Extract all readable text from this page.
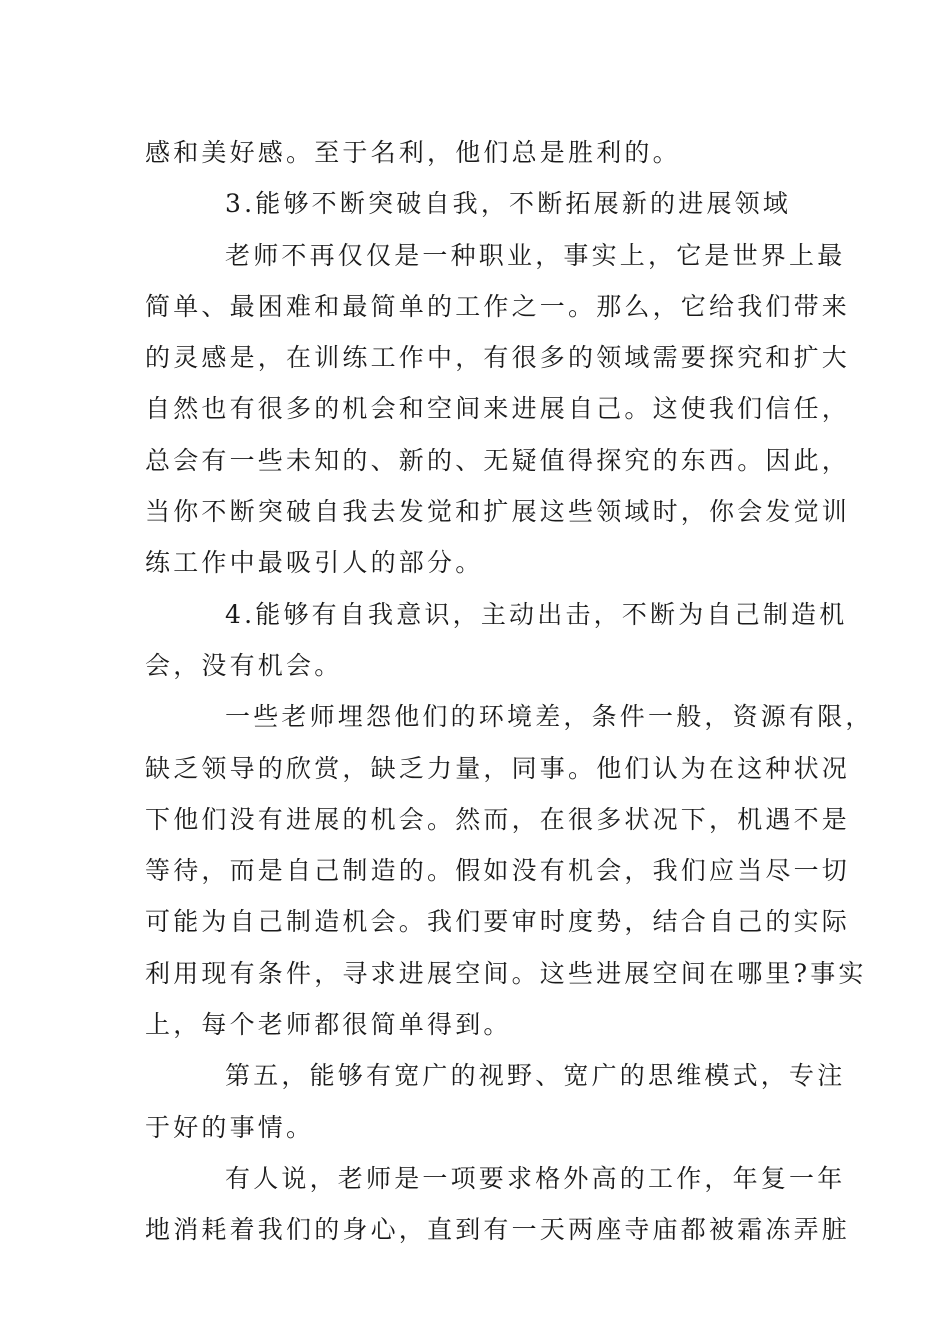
感和美好感。至于名利，他们总是胜利的。
3.能够不断突破自我，不断拓展新的进展领域
老师不再仅仅是一种职业，事实上，它是世界上最
简单、最困难和最简单的工作之一。那么，它给我们带来
的灵感是，在训练工作中，有很多的领域需要探究和扩大
自然也有很多的机会和空间来进展自己。这使我们信任，
总会有一些未知的、新的、无疑值得探究的东西。因此，
当你不断突破自我去发觉和扩展这些领域时，你会发觉训
练工作中最吸引人的部分。
4.能够有自我意识，主动出击，不断为自己制造机
会，没有机会。
一些老师埋怨他们的环境差，条件一般，资源有限，
缺乏领导的欣赏，缺乏力量，同事。他们认为在这种状况
下他们没有进展的机会。然而，在很多状况下，机遇不是
等待，而是自己制造的。假如没有机会，我们应当尽一切
可能为自己制造机会。我们要审时度势，结合自己的实际
利用现有条件，寻求进展空间。这些进展空间在哪里?事实
上，每个老师都很简单得到。
第五，能够有宽广的视野、宽广的思维模式，专注
于好的事情。
有人说，老师是一项要求格外高的工作，年复一年
地消耗着我们的身心，直到有一天两座寺庙都被霜冻弄脏
